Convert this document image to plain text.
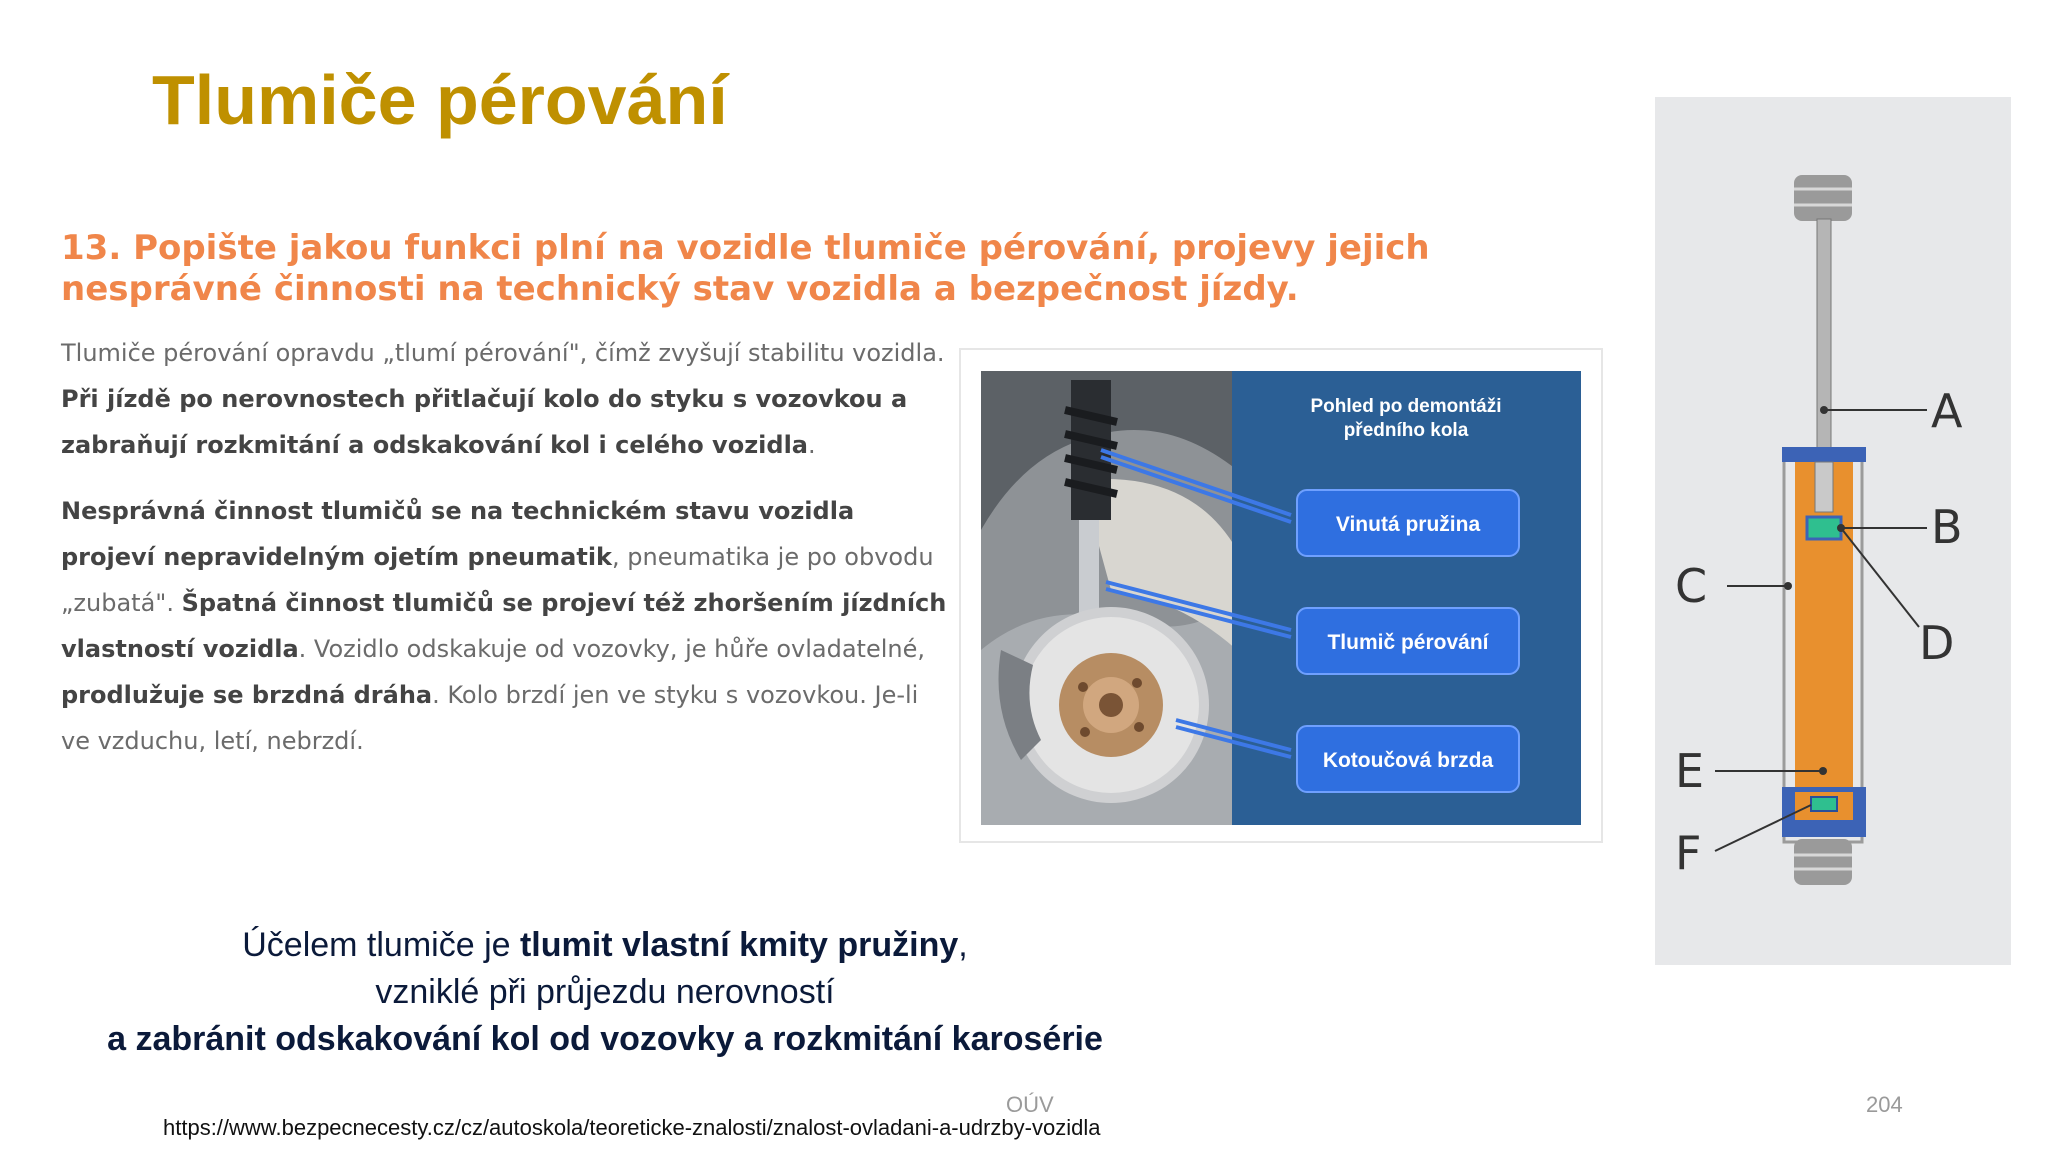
Tlumiče pérování
13. Popište jakou funkci plní na vozidle tlumiče pérování, projevy jejich nesprávné činnosti na technický stav vozidla a bezpečnost jízdy.

Tlumiče pérování opravdu „tlumí pérování", čímž zvyšují stabilitu vozidla. Při jízdě po nerovnostech přitlačují kolo do styku s vozovkou a zabraňují rozkmitání a odskakování kol i celého vozidla.

Nesprávná činnost tlumičů se na technickém stavu vozidla projeví nepravidelným ojetím pneumatik, pneumatika je po obvodu „zubatá". Špatná činnost tlumičů se projeví též zhoršením jízdních vlastností vozidla. Vozidlo odskakuje od vozovky, je hůře ovladatelné, prodlužuje se brzdná dráha. Kolo brzdí jen ve styku s vozovkou. Je-li ve vzduchu, letí, nebrzdí.

Pohled po demontáži
předního kola
Vinutá pružina
Tlumič pérování
Kotoučová brzda
A
B
C
D
E
F
Účelem tlumiče je tlumit vlastní kmity pružiny,
vzniklé při průjezdu nerovností
a zabránit odskakování kol od vozovky a rozkmitání karosérie
OÚV	204
https://www.bezpecnecesty.cz/cz/autoskola/teoreticke-znalosti/znalost-ovladani-a-udrzby-vozidla
